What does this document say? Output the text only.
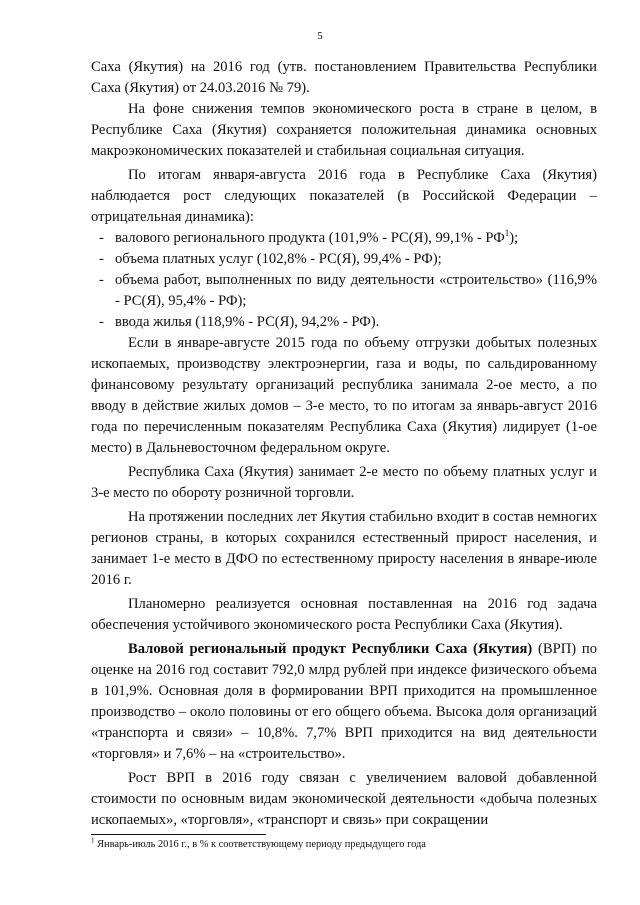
5

Саха (Якутия) на 2016 год (утв. постановлением Правительства Республики Саха (Якутия) от 24.03.2016 № 79).

На фоне снижения темпов экономического роста в стране в целом, в Республике Саха (Якутия) сохраняется положительная динамика основных макроэкономических показателей и стабильная социальная ситуация.

По итогам января-августа 2016 года в Республике Саха (Якутия) наблюдается рост следующих показателей (в Российской Федерации – отрицательная динамика):

- валового регионального продукта (101,9% - РС(Я), $99,1\% - РФ^1$);
- объема платных услуг (102,8% - РС(Я), 99,4% - РФ);
- объема работ, выполненных по виду деятельности «строительство» (116,9% - РС(Я), 95,4% - РФ);
- ввода жилья (118,9% - РС(Я), 94,2% - РФ).

Если в январе-августе 2015 года по объему отгрузки добытых полезных ископаемых, производству электроэнергии, газа и воды, по сальдированному финансовому результату организаций республика занимала 2-ое место, а по вводу в действие жилых домов – 3-е место, то по итогам за январь-август 2016 года по перечисленным показателям Республика Саха (Якутия) лидирует (1-ое место) в Дальневосточном федеральном округе.

Республика Саха (Якутия) занимает 2-е место по объему платных услуг и 3-е место по обороту розничной торговли.

На протяжении последних лет Якутия стабильно входит в состав немногих регионов страны, в которых сохранился естественный прирост населения, и занимает 1-е место в ДФО по естественному приросту населения в январе-июле 2016 г.

Планомерно реализуется основная поставленная на 2016 год задача обеспечения устойчивого экономического роста Республики Саха (Якутия).

Валовой региональный продукт Республики Саха (Якутия) (ВРП) по оценке на 2016 год составит 792,0 млрд рублей при индексе физического объема в 101,9%. Основная доля в формировании ВРП приходится на промышленное производство – около половины от его общего объема. Высока доля организаций «транспорта и связи» – 10,8%. 7,7% ВРП приходится на вид деятельности «торговля» и 7,6% – на «строительство».

Рост ВРП в 2016 году связан с увеличением валовой добавленной стоимости по основным видам экономической деятельности «добыча полезных ископаемых», «торговля», «транспорт и связь» при сокращении

$^1$ Январь-июль 2016 г., в % к соответствующему периоду предыдущего года
